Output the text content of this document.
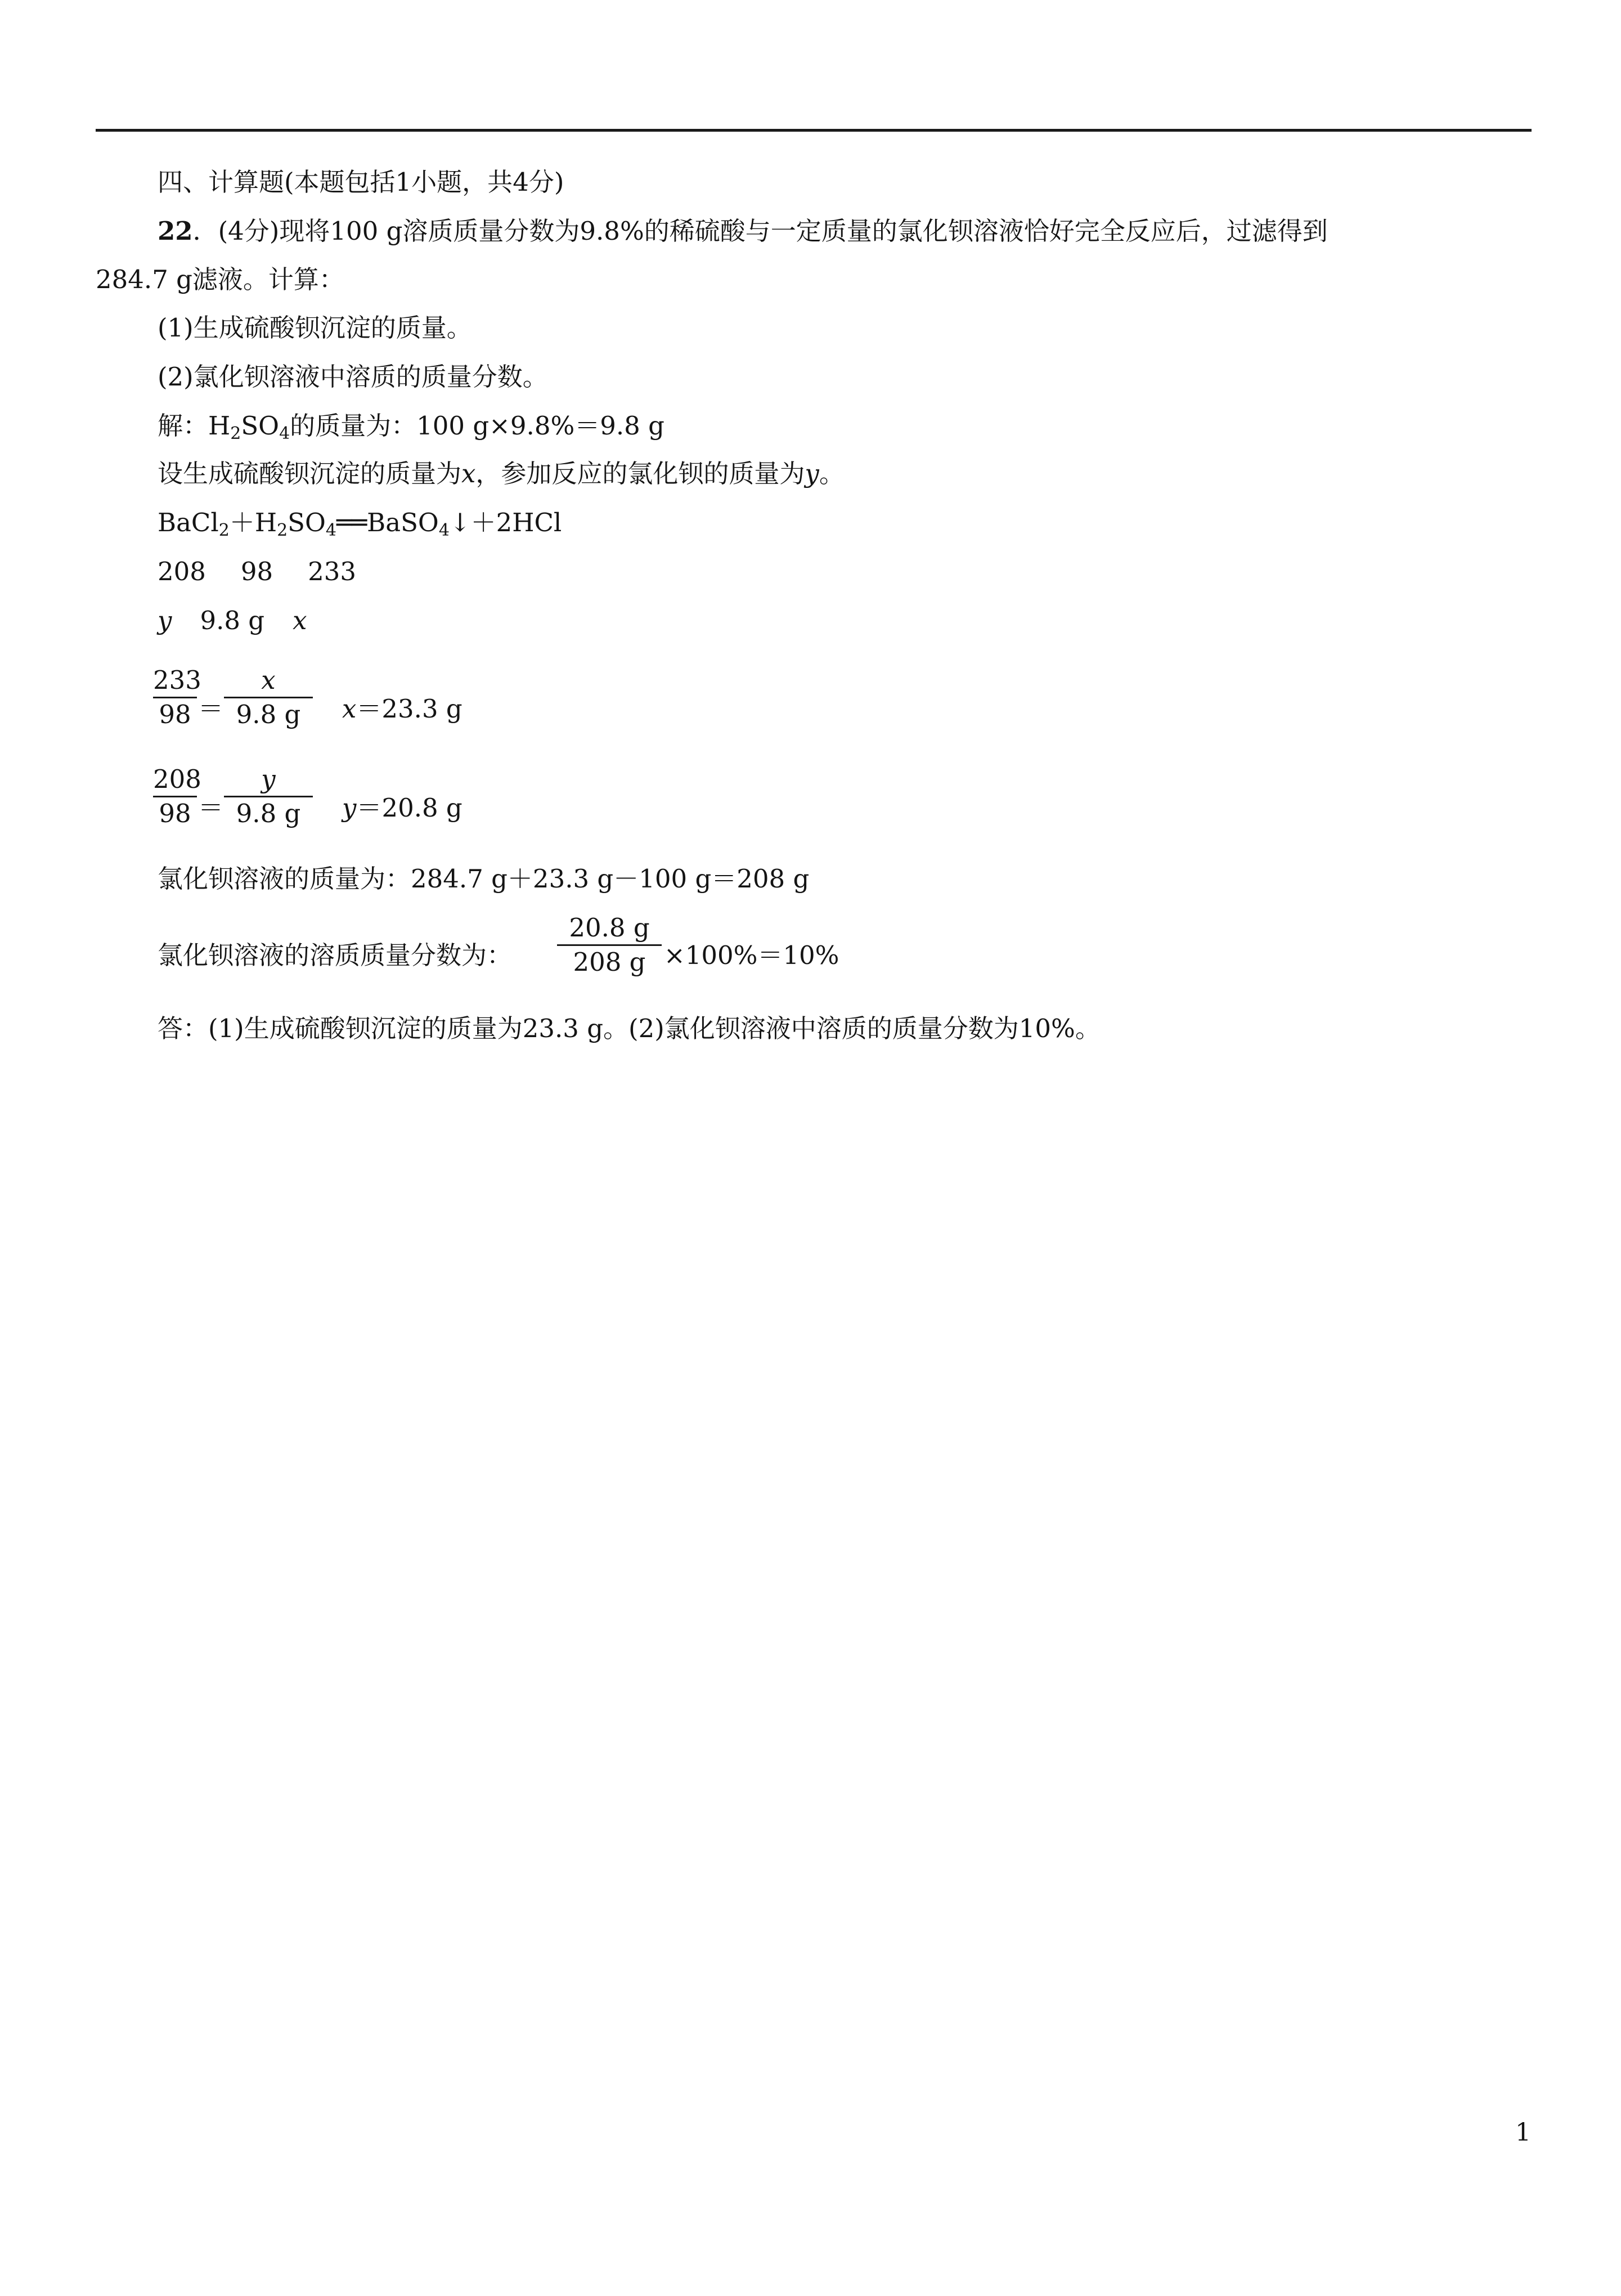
四、计算题(本题包括1小题，共4分)
22．(4分)现将100 g溶质质量分数为9.8%的稀硫酸与一定质量的氯化钡溶液恰好完全反应后，过滤得到
284.7 g滤液。计算：
(1)生成硫酸钡沉淀的质量。
(2)氯化钡溶液中溶质的质量分数。
解：$H_2SO_4$的质量为：100 g×9.8%＝9.8 g
设生成硫酸钡沉淀的质量为x，参加反应的氯化钡的质量为y。
$BaCl_2+H_2SO_4══BaSO_4↓+2HCl$
208 98 233
y 9.8 g x
233
98 ＝
x
9.8 g	x＝23.3 g
208
98 ＝
y
9.8 g	y＝20.8 g
氯化钡溶液的质量为：284.7 g＋23.3 g－100 g＝208 g
氯化钡溶液的溶质质量分数为：
20.8 g
208 g ×100%＝10%
答：(1)生成硫酸钡沉淀的质量为23.3 g。(2)氯化钡溶液中溶质的质量分数为10%。
1
